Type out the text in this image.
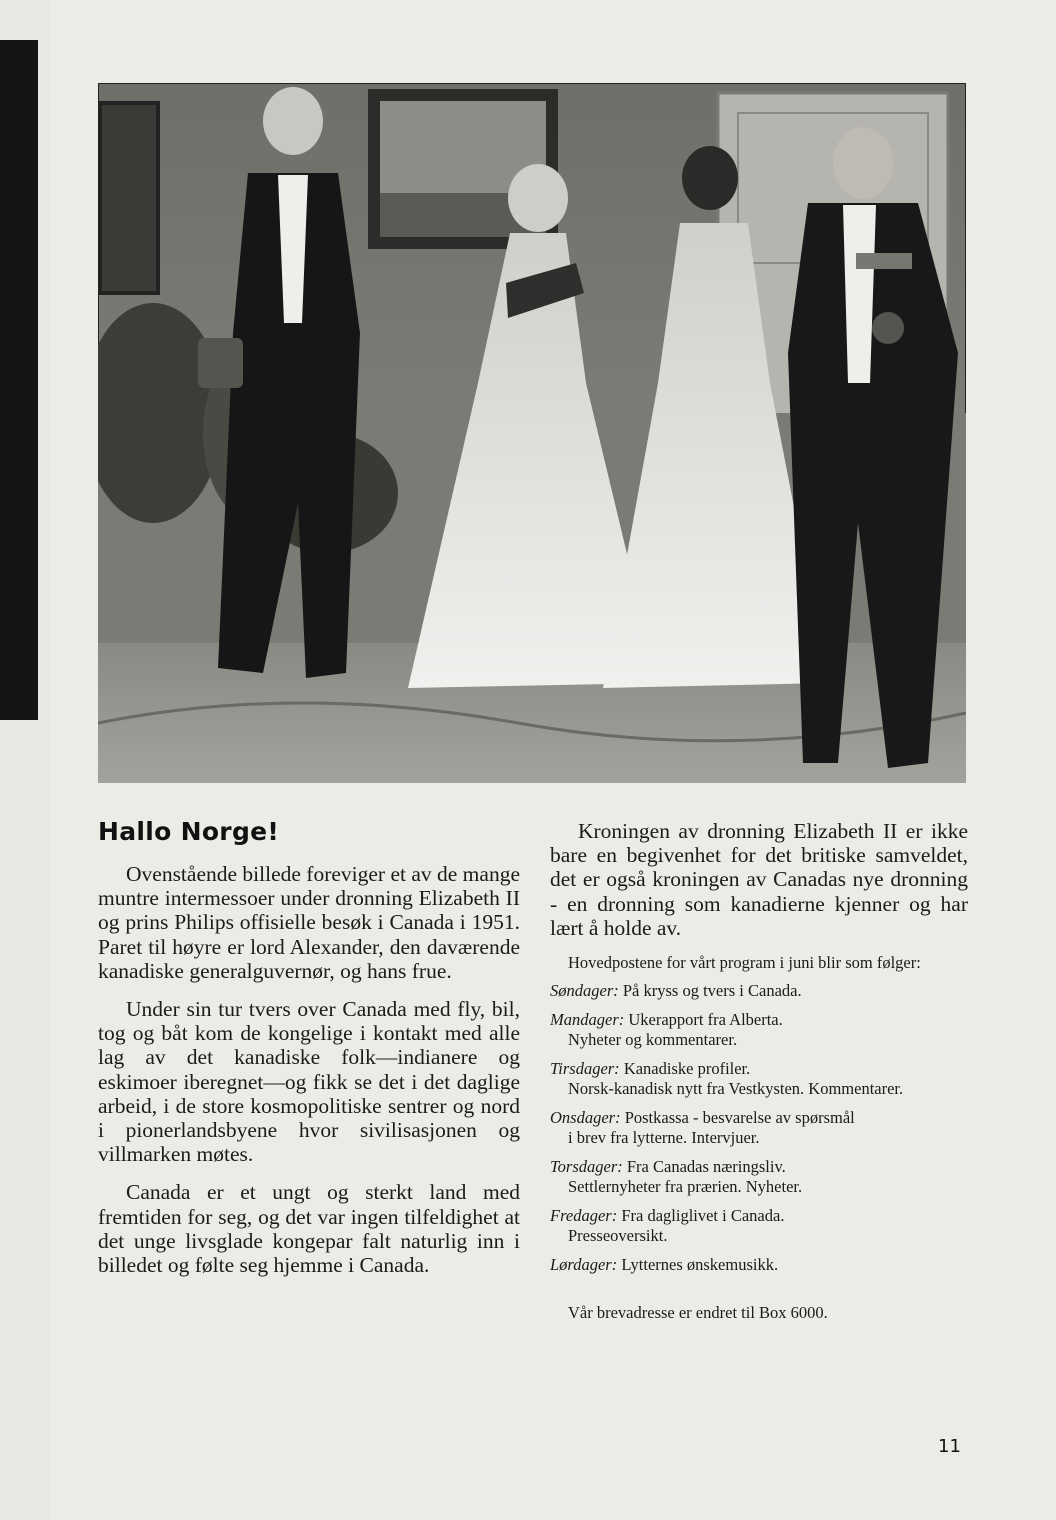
Hallo Norge!

Ovenstående billede foreviger et av de mange muntre intermessoer under dronning Elizabeth II og prins Philips offisielle besøk i Canada i 1951. Paret til høyre er lord Alexander, den daværende kanadiske generalguvernør, og hans frue.

Under sin tur tvers over Canada med fly, bil, tog og båt kom de kongelige i kontakt med alle lag av det kanadiske folk—indianere og eskimoer iberegnet—og fikk se det i det daglige arbeid, i de store kosmopolitiske sentrer og nord i pionerlandsbyene hvor sivilisasjonen og villmarken møtes.

Canada er et ungt og sterkt land med fremtiden for seg, og det var ingen tilfeldighet at det unge livsglade kongepar falt naturlig inn i billedet og følte seg hjemme i Canada.

Kroningen av dronning Elizabeth II er ikke bare en begivenhet for det britiske samveldet, det er også kroningen av Canadas nye dronning - en dronning som kanadierne kjenner og har lært å holde av.

Hovedpostene for vårt program i juni blir som følger:

Søndager: På kryss og tvers i Canada.
Mandager: Ukerapport fra Alberta.
Nyheter og kommentarer.
Tirsdager: Kanadiske profiler.
Norsk-kanadisk nytt fra Vestkysten. Kommentarer.
Onsdager: Postkassa - besvarelse av spørsmål
i brev fra lytterne. Intervjuer.
Torsdager: Fra Canadas næringsliv.
Settlernyheter fra prærien. Nyheter.
Fredager: Fra dagliglivet i Canada.
Presseoversikt.
Lørdager: Lytternes ønskemusikk.

Vår brevadresse er endret til Box 6000.

11
